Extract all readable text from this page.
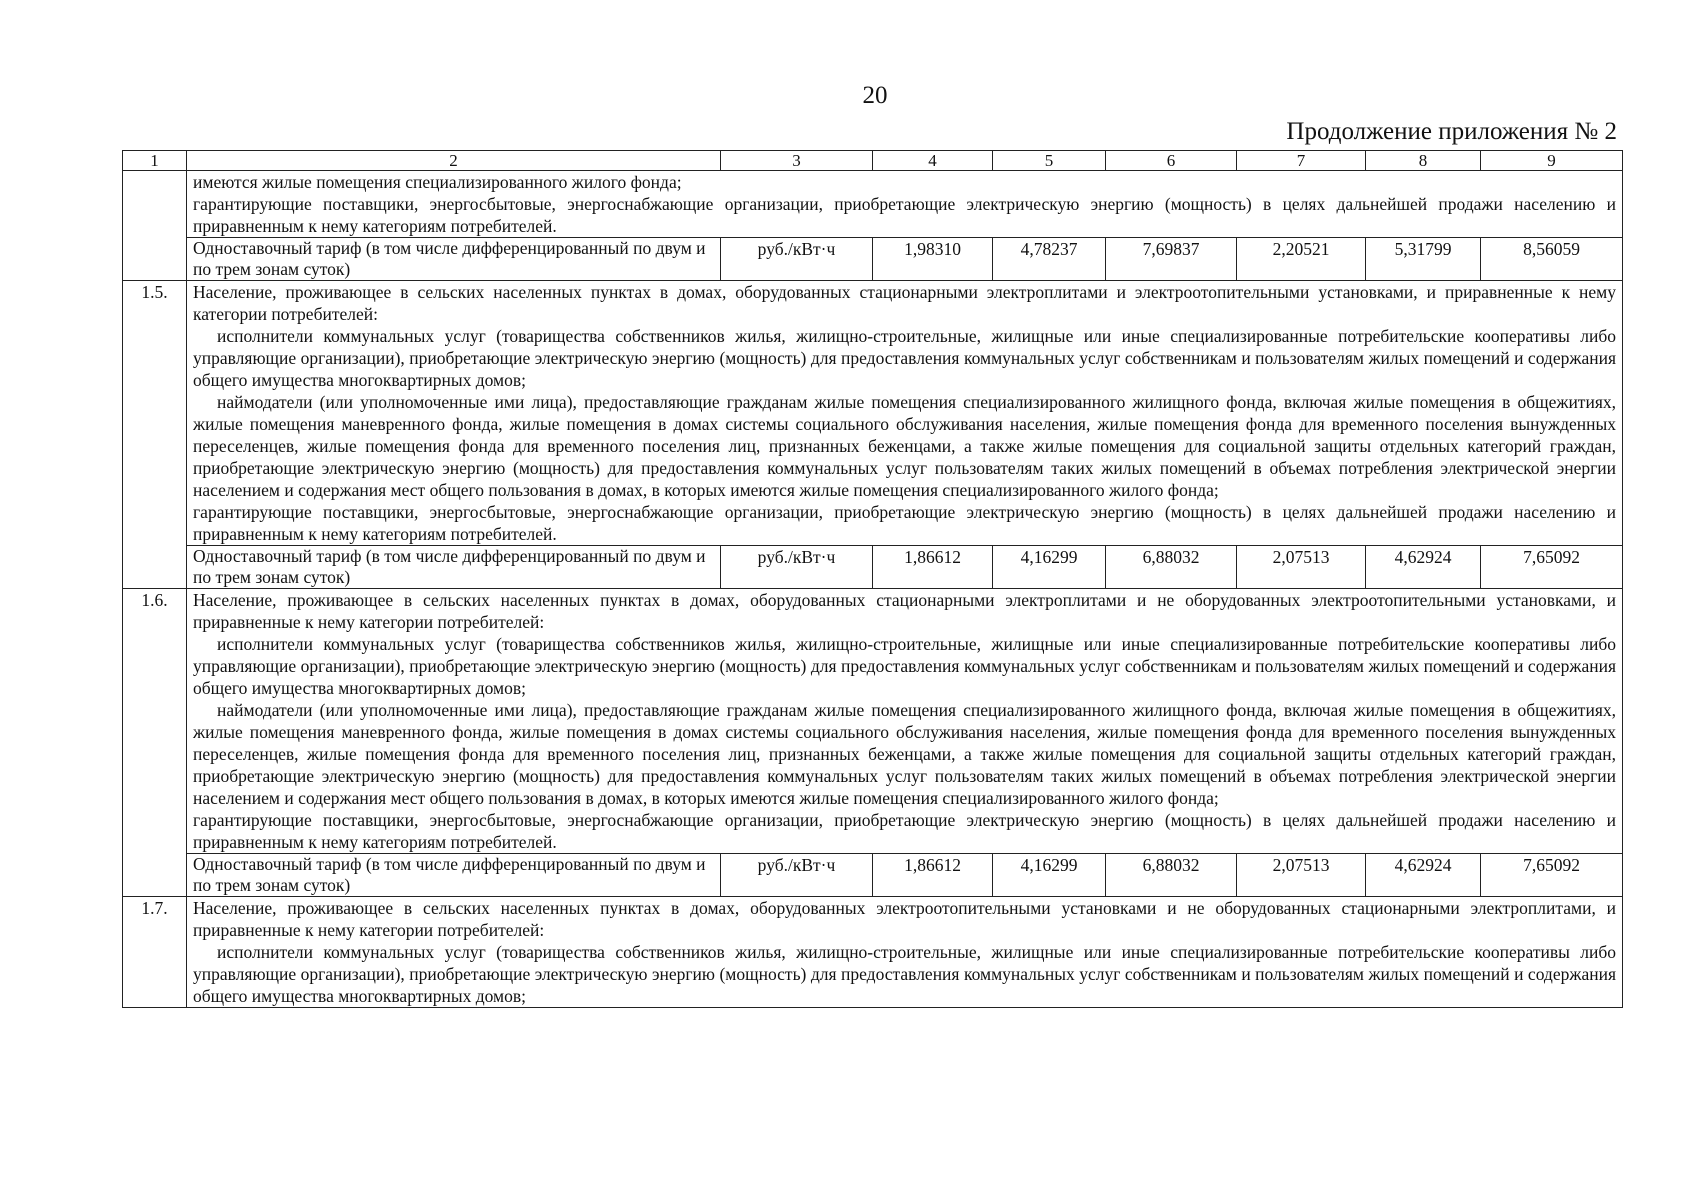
20
Продолжение приложения № 2
1	2	3	4	5	6	7	8	9

	имеются жилые помещения специализированного жилого фонда;

гарантирующие поставщики, энергосбытовые, энергоснабжающие организации, приобретающие электрическую энергию (мощность) в целях дальнейшей продажи населению и приравненным к нему категориям потребителей.							

	Одноставочный тариф (в том числе дифференцированный по двум и по трем зонам суток)	руб./кВт·ч	1,98310	4,78237	7,69837	2,20521	5,31799	8,56059
1.5.	Население, проживающее в сельских населенных пунктах в домах, оборудованных стационарными электроплитами и электроотопительными установками, и приравненные к нему категории потребителей:

исполнители коммунальных услуг (товарищества собственников жилья, жилищно-строительные, жилищные или иные специализированные потребительские кооперативы либо управляющие организации), приобретающие электрическую энергию (мощность) для предоставления коммунальных услуг собственникам и пользователям жилых помещений и содержания общего имущества многоквартирных домов;

наймодатели (или уполномоченные ими лица), предоставляющие гражданам жилые помещения специализированного жилищного фонда, включая жилые помещения в общежитиях, жилые помещения маневренного фонда, жилые помещения в домах системы социального обслуживания населения, жилые помещения фонда для временного поселения вынужденных переселенцев, жилые помещения фонда для временного поселения лиц, признанных беженцами, а также жилые помещения для социальной защиты отдельных категорий граждан, приобретающие электрическую энергию (мощность) для предоставления коммунальных услуг пользователям таких жилых помещений в объемах потребления электрической энергии населением и содержания мест общего пользования в домах, в которых имеются жилые помещения специализированного жилого фонда;

гарантирующие поставщики, энергосбытовые, энергоснабжающие организации, приобретающие электрическую энергию (мощность) в целях дальнейшей продажи населению и приравненным к нему категориям потребителей.							

	Одноставочный тариф (в том числе дифференцированный по двум и по трем зонам суток)	руб./кВт·ч	1,86612	4,16299	6,88032	2,07513	4,62924	7,65092
1.6.	Население, проживающее в сельских населенных пунктах в домах, оборудованных стационарными электроплитами и не оборудованных электроотопительными установками, и приравненные к нему категории потребителей:

исполнители коммунальных услуг (товарищества собственников жилья, жилищно-строительные, жилищные или иные специализированные потребительские кооперативы либо управляющие организации), приобретающие электрическую энергию (мощность) для предоставления коммунальных услуг собственникам и пользователям жилых помещений и содержания общего имущества многоквартирных домов;

наймодатели (или уполномоченные ими лица), предоставляющие гражданам жилые помещения специализированного жилищного фонда, включая жилые помещения в общежитиях, жилые помещения маневренного фонда, жилые помещения в домах системы социального обслуживания населения, жилые помещения фонда для временного поселения вынужденных переселенцев, жилые помещения фонда для временного поселения лиц, признанных беженцами, а также жилые помещения для социальной защиты отдельных категорий граждан, приобретающие электрическую энергию (мощность) для предоставления коммунальных услуг пользователям таких жилых помещений в объемах потребления электрической энергии населением и содержания мест общего пользования в домах, в которых имеются жилые помещения специализированного жилого фонда;

гарантирующие поставщики, энергосбытовые, энергоснабжающие организации, приобретающие электрическую энергию (мощность) в целях дальнейшей продажи населению и приравненным к нему категориям потребителей.							

	Одноставочный тариф (в том числе дифференцированный по двум и по трем зонам суток)	руб./кВт·ч	1,86612	4,16299	6,88032	2,07513	4,62924	7,65092
1.7.	Население, проживающее в сельских населенных пунктах в домах, оборудованных электроотопительными установками и не оборудованных стационарными электроплитами, и приравненные к нему категории потребителей:

исполнители коммунальных услуг (товарищества собственников жилья, жилищно-строительные, жилищные или иные специализированные потребительские кооперативы либо управляющие организации), приобретающие электрическую энергию (мощность) для предоставления коммунальных услуг собственникам и пользователям жилых помещений и содержания общего имущества многоквартирных домов;							
